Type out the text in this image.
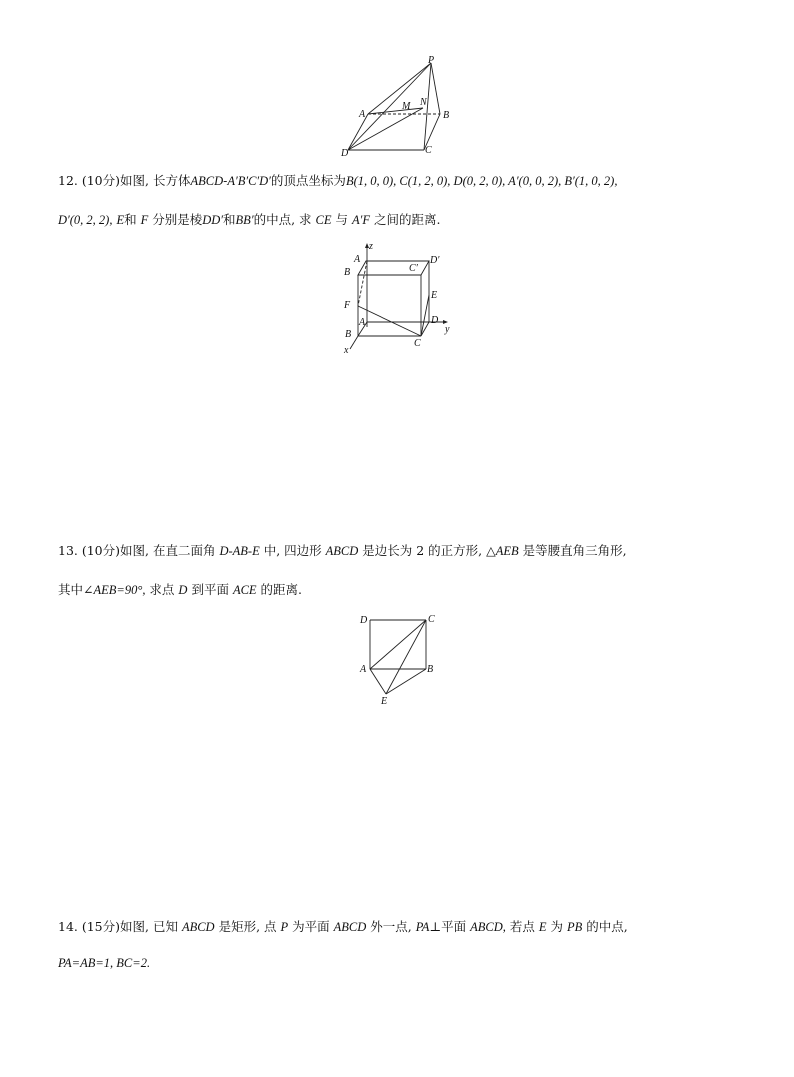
P
A
M N
B
D	C
12. (10分)如图, 长方体ABCD-A′B′C′D′的顶点坐标为B(1, 0, 0), C(1, 2, 0), D(0, 2, 0), A′(0, 0, 2), B′(1, 0, 2),
D′(0, 2, 2), E和 F 分别是棱DD′和BB′的中点, 求 CE 与 A′F 之间的距离.
z
A
B	C′
D′
F
E
A
B
C
D
x
y
13. (10分)如图, 在直二面角 D-AB-E 中, 四边形 ABCD 是边长为 2 的正方形, △AEB 是等腰直角三角形,
其中∠AEB=90°, 求点 D 到平面 ACE 的距离.
D	C
A	B
E
14. (15分)如图, 已知 ABCD 是矩形, 点 P 为平面 ABCD 外一点, PA⊥平面 ABCD, 若点 E 为 PB 的中点,
PA=AB=1, BC=2.
